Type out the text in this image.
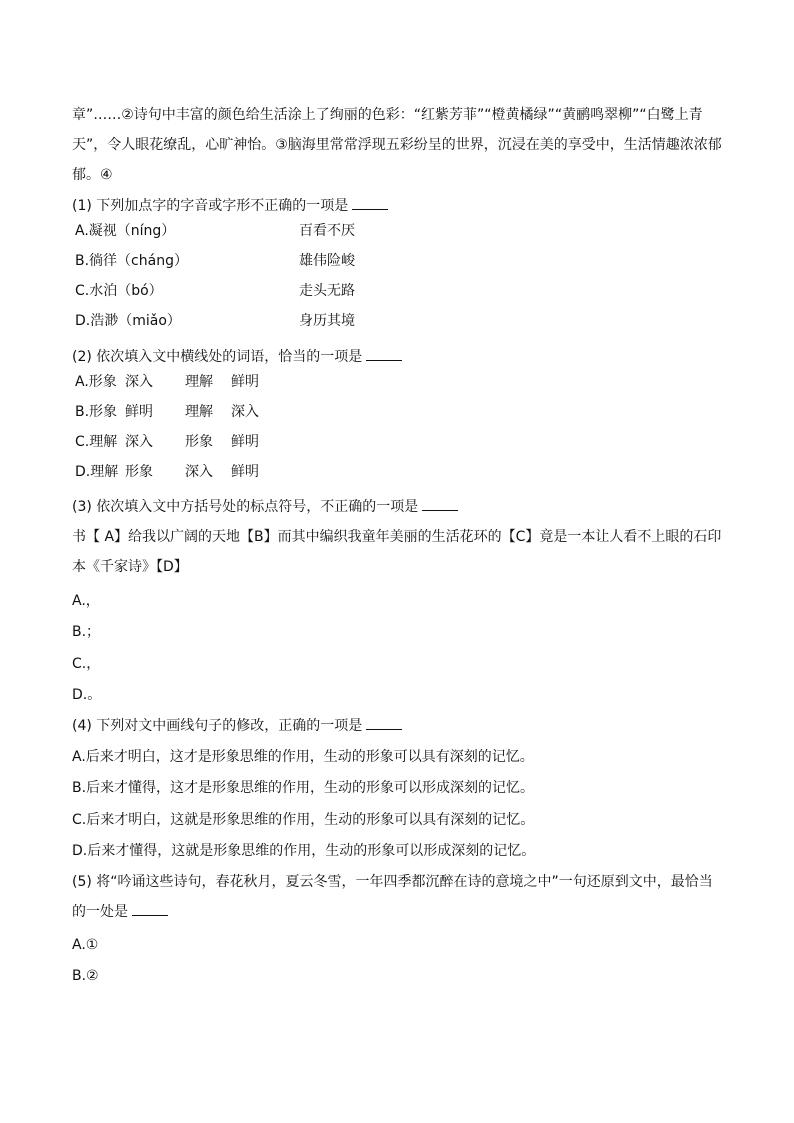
章”……②诗句中丰富的颜色给生活涂上了绚丽的色彩：“红紫芳菲”“橙黄橘绿”“黄鹂鸣翠柳”“白鹭上青天”，令人眼花缭乱，心旷神怡。③脑海里常常浮现五彩纷呈的世界，沉浸在美的享受中，生活情趣浓浓郁郁。④

(1) 下列加点字的字音或字形不正确的一项是

A.凝视（níng）	百看不厌

B.徜徉（cháng）	雄伟险峻

C.水泊（bó）	走头无路

D.浩渺（miǎo）	身历其境

(2) 依次填入文中横线处的词语，恰当的一项是

A.形象 深入 理解 鲜明

B.形象 鲜明 理解 深入

C.理解 深入 形象 鲜明

D.理解 形象 深入 鲜明

(3) 依次填入文中方括号处的标点符号，不正确的一项是

书【 A】给我以广阔的天地【B】而其中编织我童年美丽的生活花环的【C】竟是一本让人看不上眼的石印本《千家诗》【D】

A.，

B.；

C.，

D.。

(4) 下列对文中画线句子的修改，正确的一项是

A.后来才明白，这才是形象思维的作用，生动的形象可以具有深刻的记忆。

B.后来才懂得，这才是形象思维的作用，生动的形象可以形成深刻的记忆。

C.后来才明白，这就是形象思维的作用，生动的形象可以具有深刻的记忆。

D.后来才懂得，这就是形象思维的作用，生动的形象可以形成深刻的记忆。

(5) 将“吟诵这些诗句，春花秋月，夏云冬雪，一年四季都沉醉在诗的意境之中”一句还原到文中，最恰当的一处是

A.①

B.②
